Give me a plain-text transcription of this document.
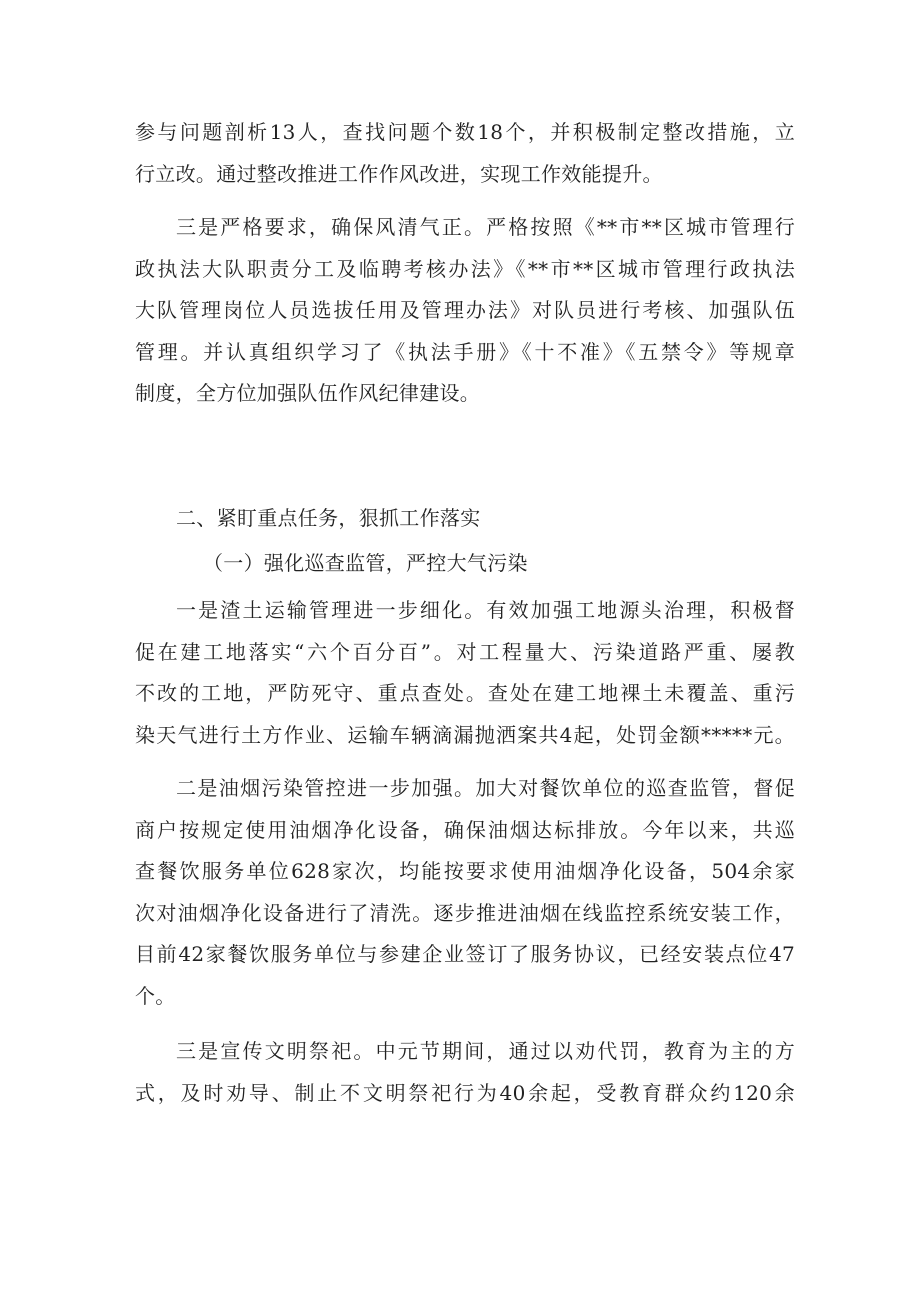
参与问题剖析13人，查找问题个数18个，并积极制定整改措施，立
行立改。通过整改推进工作作风改进，实现工作效能提升。
三是严格要求，确保风清气正。严格按照《**市**区城市管理行
政执法大队职责分工及临聘考核办法》《**市**区城市管理行政执法
大队管理岗位人员选拔任用及管理办法》对队员进行考核、加强队伍
管理。并认真组织学习了《执法手册》《十不准》《五禁令》等规章
制度，全方位加强队伍作风纪律建设。
二、紧盯重点任务，狠抓工作落实
（一）强化巡查监管，严控大气污染
一是渣土运输管理进一步细化。有效加强工地源头治理，积极督
促在建工地落实“六个百分百”。对工程量大、污染道路严重、屡教
不改的工地，严防死守、重点查处。查处在建工地裸土未覆盖、重污
染天气进行土方作业、运输车辆滴漏抛洒案共4起，处罚金额*****元。
二是油烟污染管控进一步加强。加大对餐饮单位的巡查监管，督促
商户按规定使用油烟净化设备，确保油烟达标排放。今年以来，共巡
查餐饮服务单位628家次，均能按要求使用油烟净化设备，504余家
次对油烟净化设备进行了清洗。逐步推进油烟在线监控系统安装工作，
目前42家餐饮服务单位与参建企业签订了服务协议，已经安装点位47
个。
三是宣传文明祭祀。中元节期间，通过以劝代罚，教育为主的方
式，及时劝导、制止不文明祭祀行为40余起，受教育群众约120余
